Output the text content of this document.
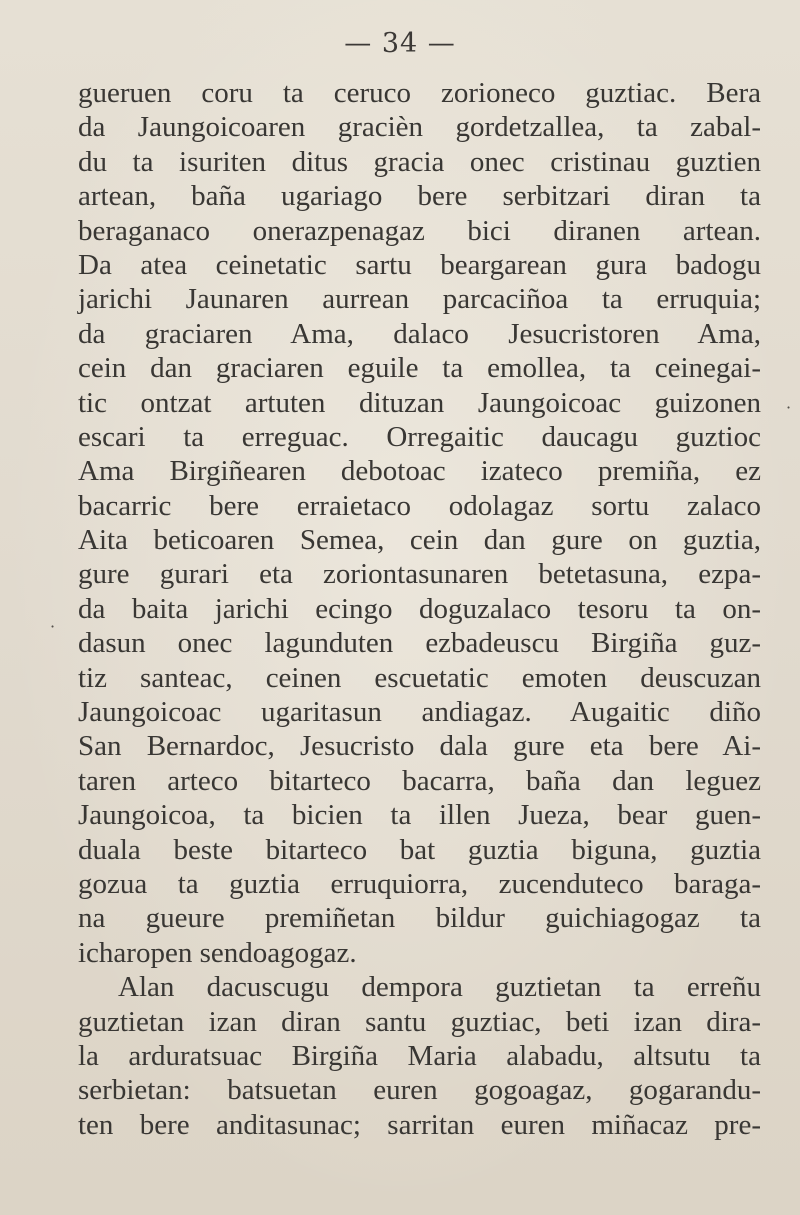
— 34 —
gueruen coru ta ceruco zorioneco guztiac. Bera
da Jaungoicoaren gracièn gordetzallea, ta zabal-
du ta isuriten ditus gracia onec cristinau guztien
artean, baña ugariago bere serbitzari diran ta
beraganaco onerazpenagaz bici diranen artean.
Da atea ceinetatic sartu beargarean gura badogu
jarichi Jaunaren aurrean parcaciñoa ta erruquia;
da graciaren Ama, dalaco Jesucristoren Ama,
cein dan graciaren eguile ta emollea, ta ceinegai-
tic ontzat artuten dituzan Jaungoicoac guizonen
escari ta erreguac. Orregaitic daucagu guztioc
Ama Birgiñearen debotoac izateco premiña, ez
bacarric bere erraietaco odolagaz sortu zalaco
Aita beticoaren Semea, cein dan gure on guztia,
gure gurari eta zoriontasunaren betetasuna, ezpa-
da baita jarichi ecingo doguzalaco tesoru ta on-
dasun onec lagunduten ezbadeuscu Birgiña guz-
tiz santeac, ceinen escuetatic emoten deuscuzan
Jaungoicoac ugaritasun andiagaz. Augaitic diño
San Bernardoc, Jesucristo dala gure eta bere Ai-
taren arteco bitarteco bacarra, baña dan leguez
Jaungoicoa, ta bicien ta illen Jueza, bear guen-
duala beste bitarteco bat guztia biguna, guztia
gozua ta guztia erruquiorra, zucenduteco baraga-
na gueure premiñetan bildur guichiagogaz ta
icharopen sendoagogaz.
Alan dacuscugu dempora guztietan ta erreñu
guztietan izan diran santu guztiac, beti izan dira-
la arduratsuac Birgiña Maria alabadu, altsutu ta
serbietan: batsuetan euren gogoagaz, gogarandu-
ten bere anditasunac; sarritan euren miñacaz pre-
·
·
